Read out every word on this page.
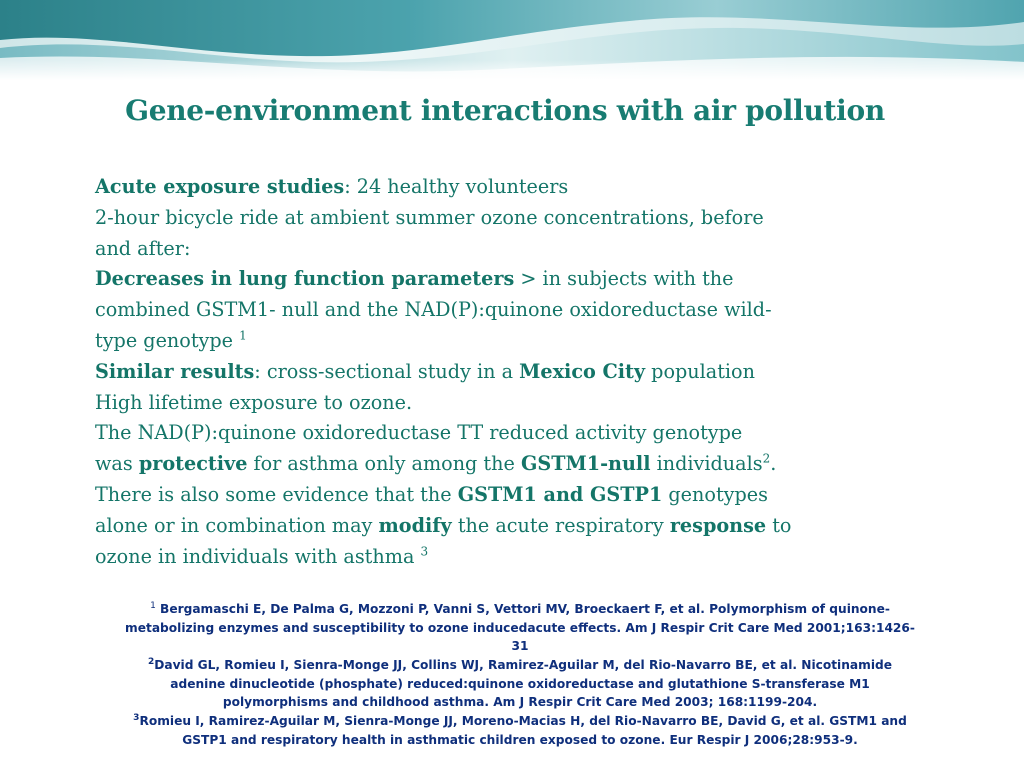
Gene-environment interactions with air pollution
Acute exposure studies: 24 healthy volunteers
2-hour bicycle ride at ambient summer ozone concentrations, before
and after:
Decreases in lung function parameters > in subjects with the
combined GSTM1- null and the NAD(P):quinone oxidoreductase wild-
type genotype $^1$
Similar results: cross-sectional study in a Mexico City population
High lifetime exposure to ozone.
The NAD(P):quinone oxidoreductase TT reduced activity genotype
was protective for asthma only among the GSTM1-null individuals$^2$.
There is also some evidence that the GSTM1 and GSTP1 genotypes
alone or in combination may modify the acute respiratory response to
ozone in individuals with asthma $^3$
$^1$ Bergamaschi E, De Palma G, Mozzoni P, Vanni S, Vettori MV, Broeckaert F, et al. Polymorphism of quinone-
metabolizing enzymes and susceptibility to ozone inducedacute effects. Am J Respir Crit Care Med 2001;163:1426-
31
$^2$David GL, Romieu I, Sienra-Monge JJ, Collins WJ, Ramirez-Aguilar M, del Rio-Navarro BE, et al. Nicotinamide
adenine dinucleotide (phosphate) reduced:quinone oxidoreductase and glutathione S-transferase M1
polymorphisms and childhood asthma. Am J Respir Crit Care Med 2003; 168:1199-204.
$^3$Romieu I, Ramirez-Aguilar M, Sienra-Monge JJ, Moreno-Macias H, del Rio-Navarro BE, David G, et al. GSTM1 and
GSTP1 and respiratory health in asthmatic children exposed to ozone. Eur Respir J 2006;28:953-9.
